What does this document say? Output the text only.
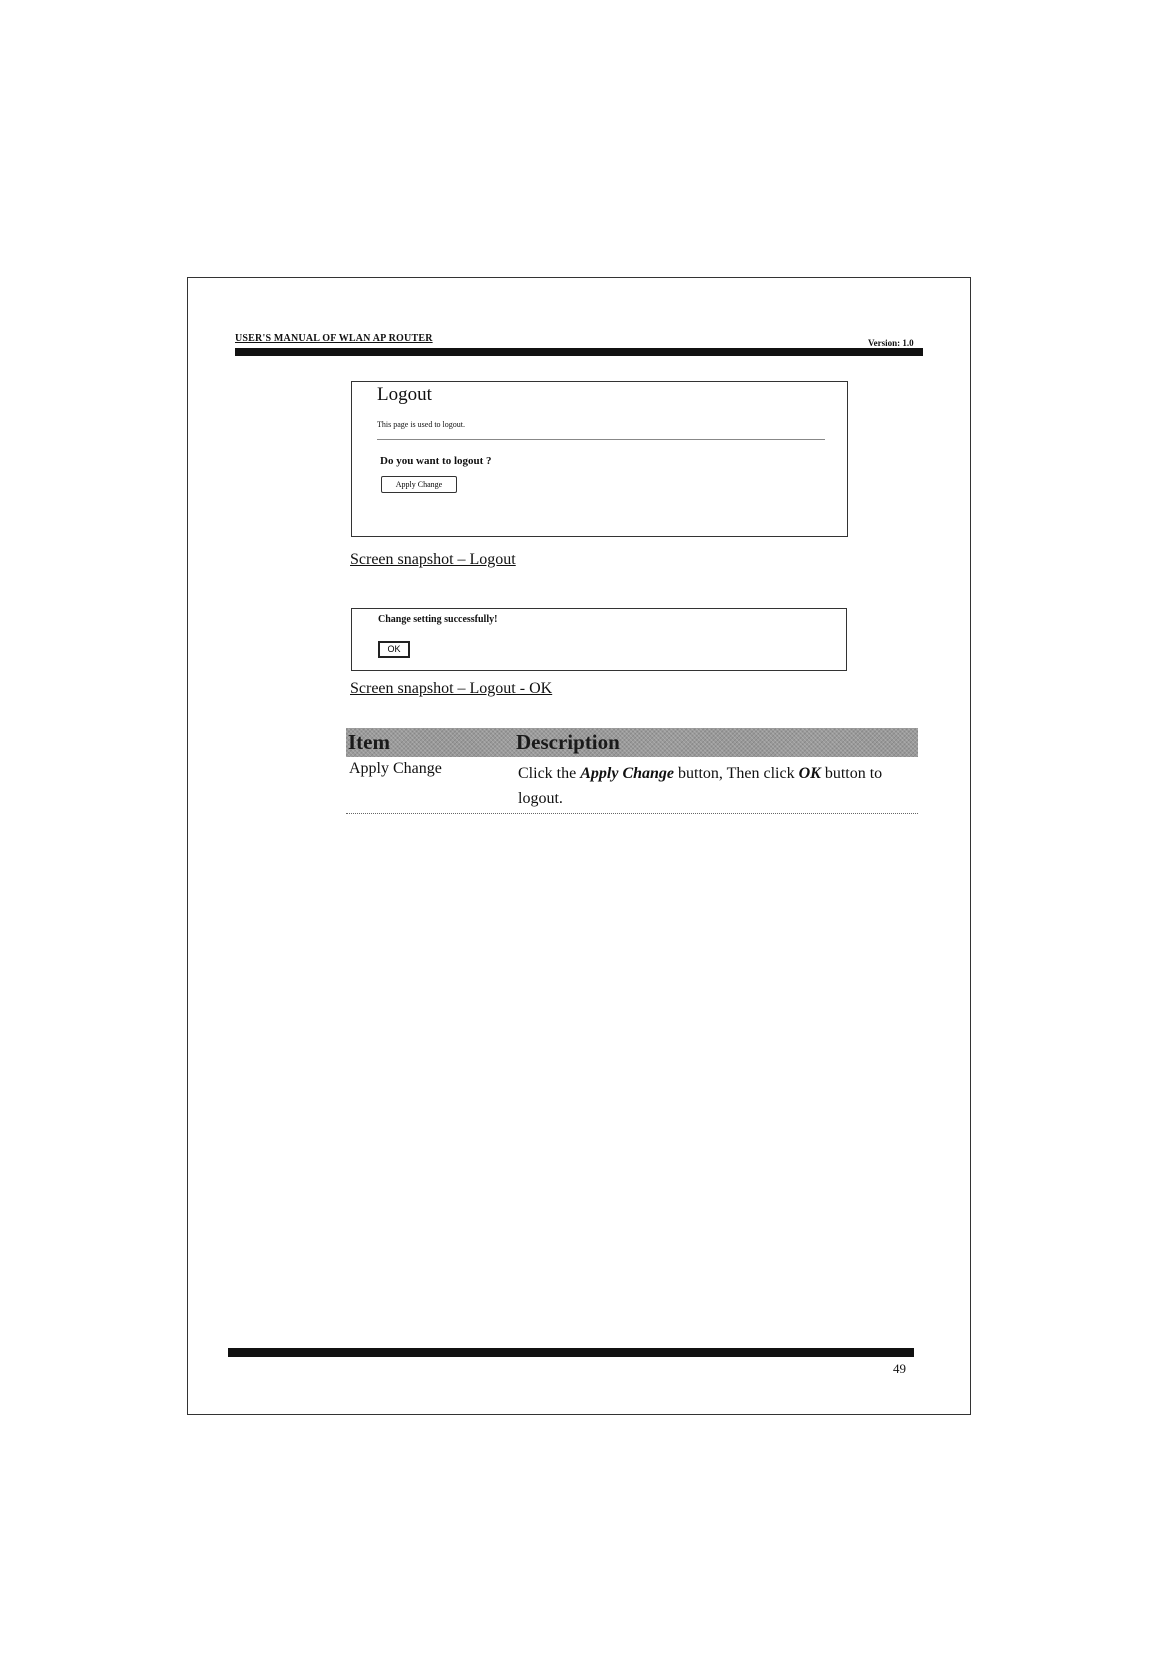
USER'S MANUAL OF WLAN AP ROUTER	Version: 1.0
Logout
This page is used to logout.
Do you want to logout ?
Apply Change
Screen snapshot – Logout
Change setting successfully!
OK
Screen snapshot – Logout - OK
Item	Description
Apply Change	Click the Apply Change button, Then click OK button to logout.
49
